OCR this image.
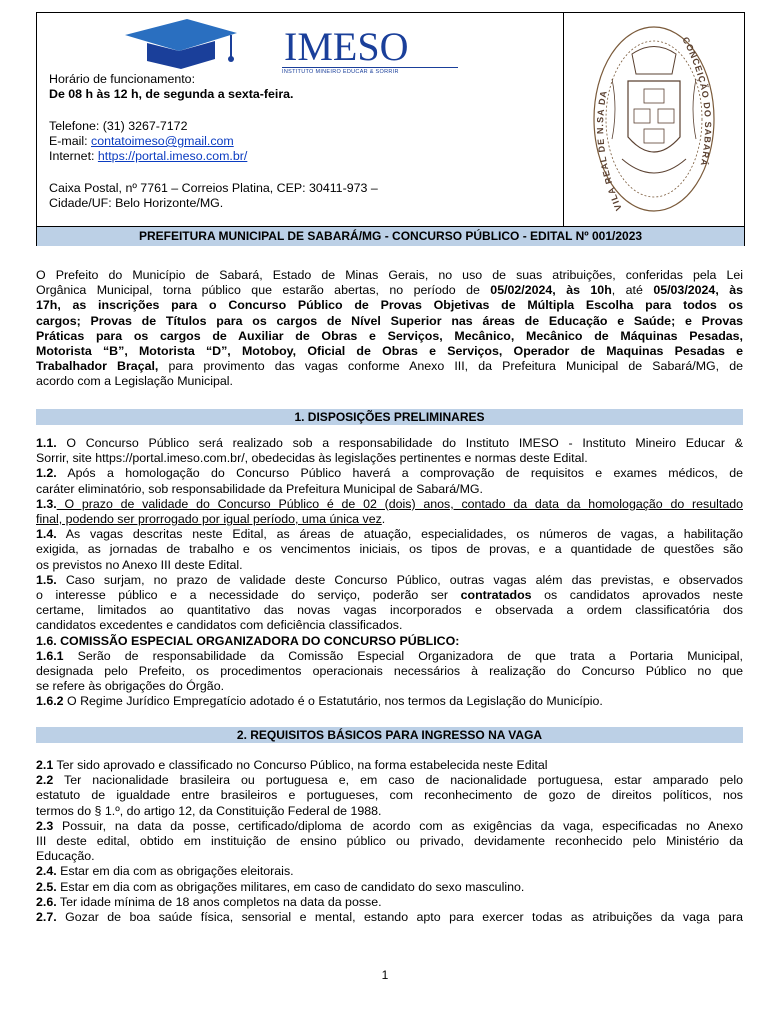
IMESO
INSTITUTO MINEIRO EDUCAR & SORRIR
Horário de funcionamento:
De 08 h às 12 h, de segunda a sexta-feira.
Telefone: (31) 3267-7172
E-mail: contatoimeso@gmail.com
Internet: https://portal.imeso.com.br/
Caixa Postal, nº 7761 – Correios Platina, CEP: 30411-973 –
Cidade/UF: Belo Horizonte/MG.	VILA REAL DE N.SA DA
CONCEIÇÃO DO SABARÁ
PREFEITURA MUNICIPAL DE SABARÁ/MG - CONCURSO PÚBLICO - EDITAL Nº 001/2023
O Prefeito do Município de Sabará, Estado de Minas Gerais, no uso de suas atribuições, conferidas pela Lei
Orgânica Municipal, torna público que estarão abertas, no período de 05/02/2024, às 10h, até 05/03/2024, às
17h, as inscrições para o Concurso Público de Provas Objetivas de Múltipla Escolha para todos os
cargos; Provas de Títulos para os cargos de Nível Superior nas áreas de Educação e Saúde; e Provas
Práticas para os cargos de Auxiliar de Obras e Serviços, Mecânico, Mecânico de Máquinas Pesadas,
Motorista “B”, Motorista “D”, Motoboy, Oficial de Obras e Serviços, Operador de Maquinas Pesadas e
Trabalhador Braçal, para provimento das vagas conforme Anexo III, da Prefeitura Municipal de Sabará/MG, de
acordo com a Legislação Municipal.
1. DISPOSIÇÕES PRELIMINARES
1.1. O Concurso Público será realizado sob a responsabilidade do Instituto IMESO - Instituto Mineiro Educar &
Sorrir, site https://portal.imeso.com.br/, obedecidas às legislações pertinentes e normas deste Edital.
1.2. Após a homologação do Concurso Público haverá a comprovação de requisitos e exames médicos, de
caráter eliminatório, sob responsabilidade da Prefeitura Municipal de Sabará/MG.
1.3. O prazo de validade do Concurso Público é de 02 (dois) anos, contado da data da homologação do resultado
final, podendo ser prorrogado por igual período, uma única vez.
1.4. As vagas descritas neste Edital, as áreas de atuação, especialidades, os números de vagas, a habilitação
exigida, as jornadas de trabalho e os vencimentos iniciais, os tipos de provas, e a quantidade de questões são
os previstos no Anexo III deste Edital.
1.5. Caso surjam, no prazo de validade deste Concurso Público, outras vagas além das previstas, e observados
o interesse público e a necessidade do serviço, poderão ser contratados os candidatos aprovados neste
certame, limitados ao quantitativo das novas vagas incorporados e observada a ordem classificatória dos
candidatos excedentes e candidatos com deficiência classificados.
1.6. COMISSÃO ESPECIAL ORGANIZADORA DO CONCURSO PÚBLICO:
1.6.1 Serão de responsabilidade da Comissão Especial Organizadora de que trata a Portaria Municipal,
designada pelo Prefeito, os procedimentos operacionais necessários à realização do Concurso Público no que
se refere às obrigações do Órgão.
1.6.2 O Regime Jurídico Empregatício adotado é o Estatutário, nos termos da Legislação do Município.
2. REQUISITOS BÁSICOS PARA INGRESSO NA VAGA
2.1 Ter sido aprovado e classificado no Concurso Público, na forma estabelecida neste Edital
2.2 Ter nacionalidade brasileira ou portuguesa e, em caso de nacionalidade portuguesa, estar amparado pelo
estatuto de igualdade entre brasileiros e portugueses, com reconhecimento de gozo de direitos políticos, nos
termos do § 1.º, do artigo 12, da Constituição Federal de 1988.
2.3 Possuir, na data da posse, certificado/diploma de acordo com as exigências da vaga, especificadas no Anexo
III deste edital, obtido em instituição de ensino público ou privado, devidamente reconhecido pelo Ministério da
Educação.
2.4. Estar em dia com as obrigações eleitorais.
2.5. Estar em dia com as obrigações militares, em caso de candidato do sexo masculino.
2.6. Ter idade mínima de 18 anos completos na data da posse.
2.7. Gozar de boa saúde física, sensorial e mental, estando apto para exercer todas as atribuições da vaga para
1
